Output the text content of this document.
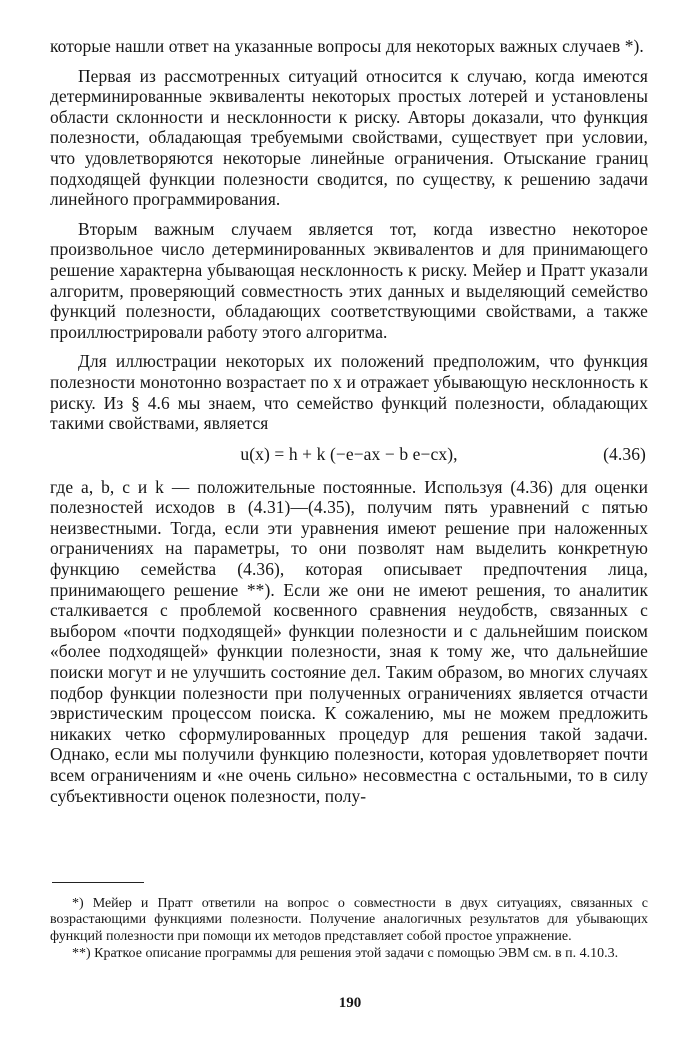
которые нашли ответ на указанные вопросы для некоторых важных случаев *).

Первая из рассмотренных ситуаций относится к случаю, когда имеются детерминированные эквиваленты некоторых простых лотерей и установлены области склонности и несклонности к риску. Авторы доказали, что функция полезности, обладающая требуемыми свойствами, существует при условии, что удовлетворяются некоторые линейные ограничения. Отыскание границ подходящей функции полезности сводится, по существу, к решению задачи линейного программирования.

Вторым важным случаем является тот, когда известно некоторое произвольное число детерминированных эквивалентов и для принимающего решение характерна убывающая несклонность к риску. Мейер и Пратт указали алгоритм, проверяющий совместность этих данных и выделяющий семейство функций полезности, обладающих соответствующими свойствами, а также проиллюстрировали работу этого алгоритма.

Для иллюстрации некоторых их положений предположим, что функция полезности монотонно возрастает по x и отражает убывающую несклонность к риску. Из § 4.6 мы знаем, что семейство функций полезности, обладающих такими свойствами, является

u(x) = h + k (−e−ax − b e−cx),	(4.36)

где a, b, c и k — положительные постоянные. Используя (4.36) для оценки полезностей исходов в (4.31)—(4.35), получим пять уравнений с пятью неизвестными. Тогда, если эти уравнения имеют решение при наложенных ограничениях на параметры, то они позволят нам выделить конкретную функцию семейства (4.36), которая описывает предпочтения лица, принимающего решение **). Если же они не имеют решения, то аналитик сталкивается с проблемой косвенного сравнения неудобств, связанных с выбором «почти подходящей» функции полезности и с дальнейшим поиском «более подходящей» функции полезности, зная к тому же, что дальнейшие поиски могут и не улучшить состояние дел. Таким образом, во многих случаях подбор функции полезности при полученных ограничениях является отчасти эвристическим процессом поиска. К сожалению, мы не можем предложить никаких четко сформулированных процедур для решения такой задачи. Однако, если мы получили функцию полезности, которая удовлетворяет почти всем ограничениям и «не очень сильно» несовместна с остальными, то в силу субъективности оценок полезности, полу-

*) Мейер и Пратт ответили на вопрос о совместности в двух ситуациях, связанных с возрастающими функциями полезности. Получение аналогичных результатов для убывающих функций полезности при помощи их методов представляет собой простое упражнение.

**) Краткое описание программы для решения этой задачи с помощью ЭВМ см. в п. 4.10.3.

190
